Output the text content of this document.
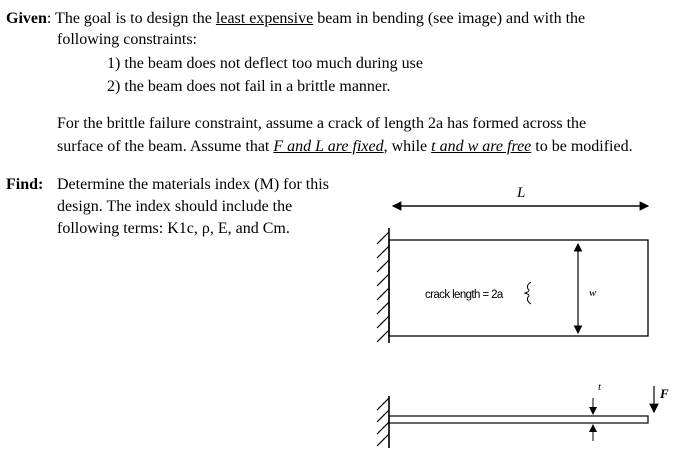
Given: The goal is to design the least expensive beam in bending (see image) and with the
following constraints:
1) the beam does not deflect too much during use
2) the beam does not fail in a brittle manner.
For the brittle failure constraint, assume a crack of length 2a has formed across the
surface of the beam. Assume that F and L are fixed, while t and w are free to be modified.
Find: Determine the materials index (M) for this
design. The index should include the
following terms: K1c, ρ, E, and Cm.
L
crack length = 2a	w
t	F
